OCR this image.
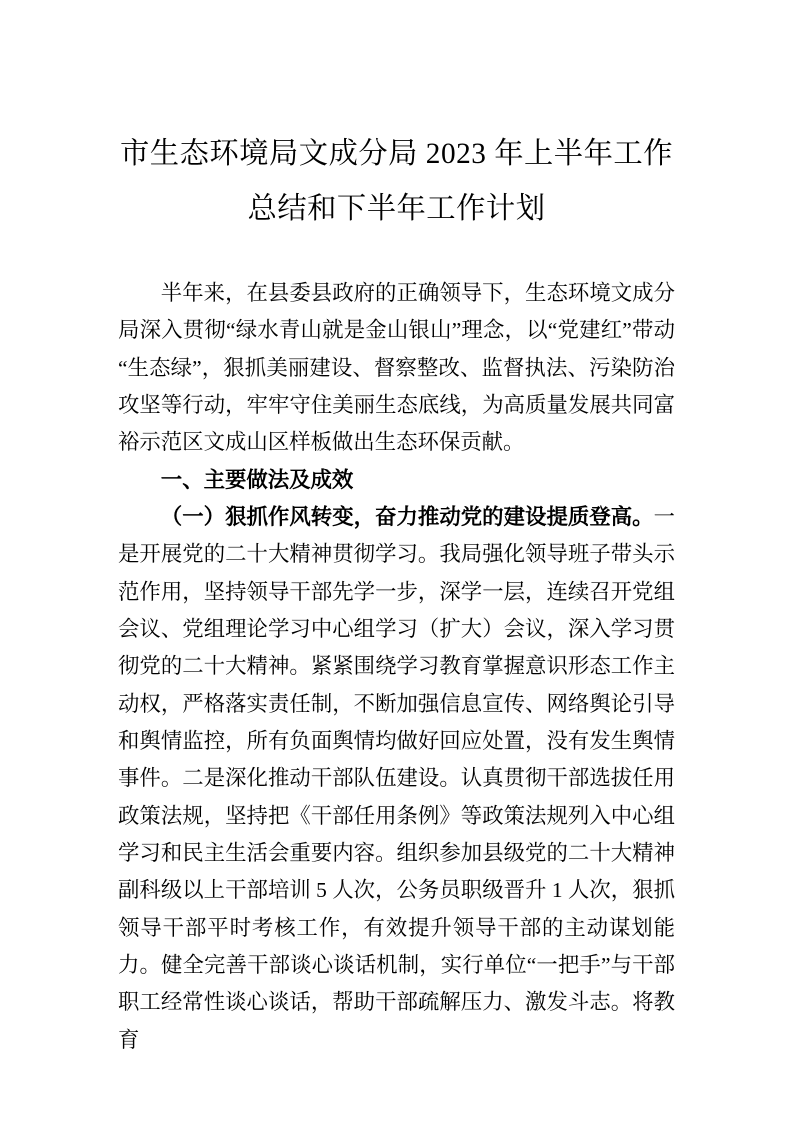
市生态环境局文成分局 2023 年上半年工作
总结和下半年工作计划

半年来，在县委县政府的正确领导下，生态环境文成分局深入贯彻“绿水青山就是金山银山”理念，以“党建红”带动“生态绿”，狠抓美丽建设、督察整改、监督执法、污染防治攻坚等行动，牢牢守住美丽生态底线，为高质量发展共同富裕示范区文成山区样板做出生态环保贡献。

一、主要做法及成效

（一）狠抓作风转变，奋力推动党的建设提质登高。一是开展党的二十大精神贯彻学习。我局强化领导班子带头示范作用，坚持领导干部先学一步，深学一层，连续召开党组会议、党组理论学习中心组学习（扩大）会议，深入学习贯彻党的二十大精神。紧紧围绕学习教育掌握意识形态工作主动权，严格落实责任制，不断加强信息宣传、网络舆论引导和舆情监控，所有负面舆情均做好回应处置，没有发生舆情事件。二是深化推动干部队伍建设。认真贯彻干部选拔任用政策法规，坚持把《干部任用条例》等政策法规列入中心组学习和民主生活会重要内容。组织参加县级党的二十大精神副科级以上干部培训 5 人次，公务员职级晋升 1 人次，狠抓领导干部平时考核工作，有效提升领导干部的主动谋划能力。健全完善干部谈心谈话机制，实行单位“一把手”与干部职工经常性谈心谈话，帮助干部疏解压力、激发斗志。将教育
